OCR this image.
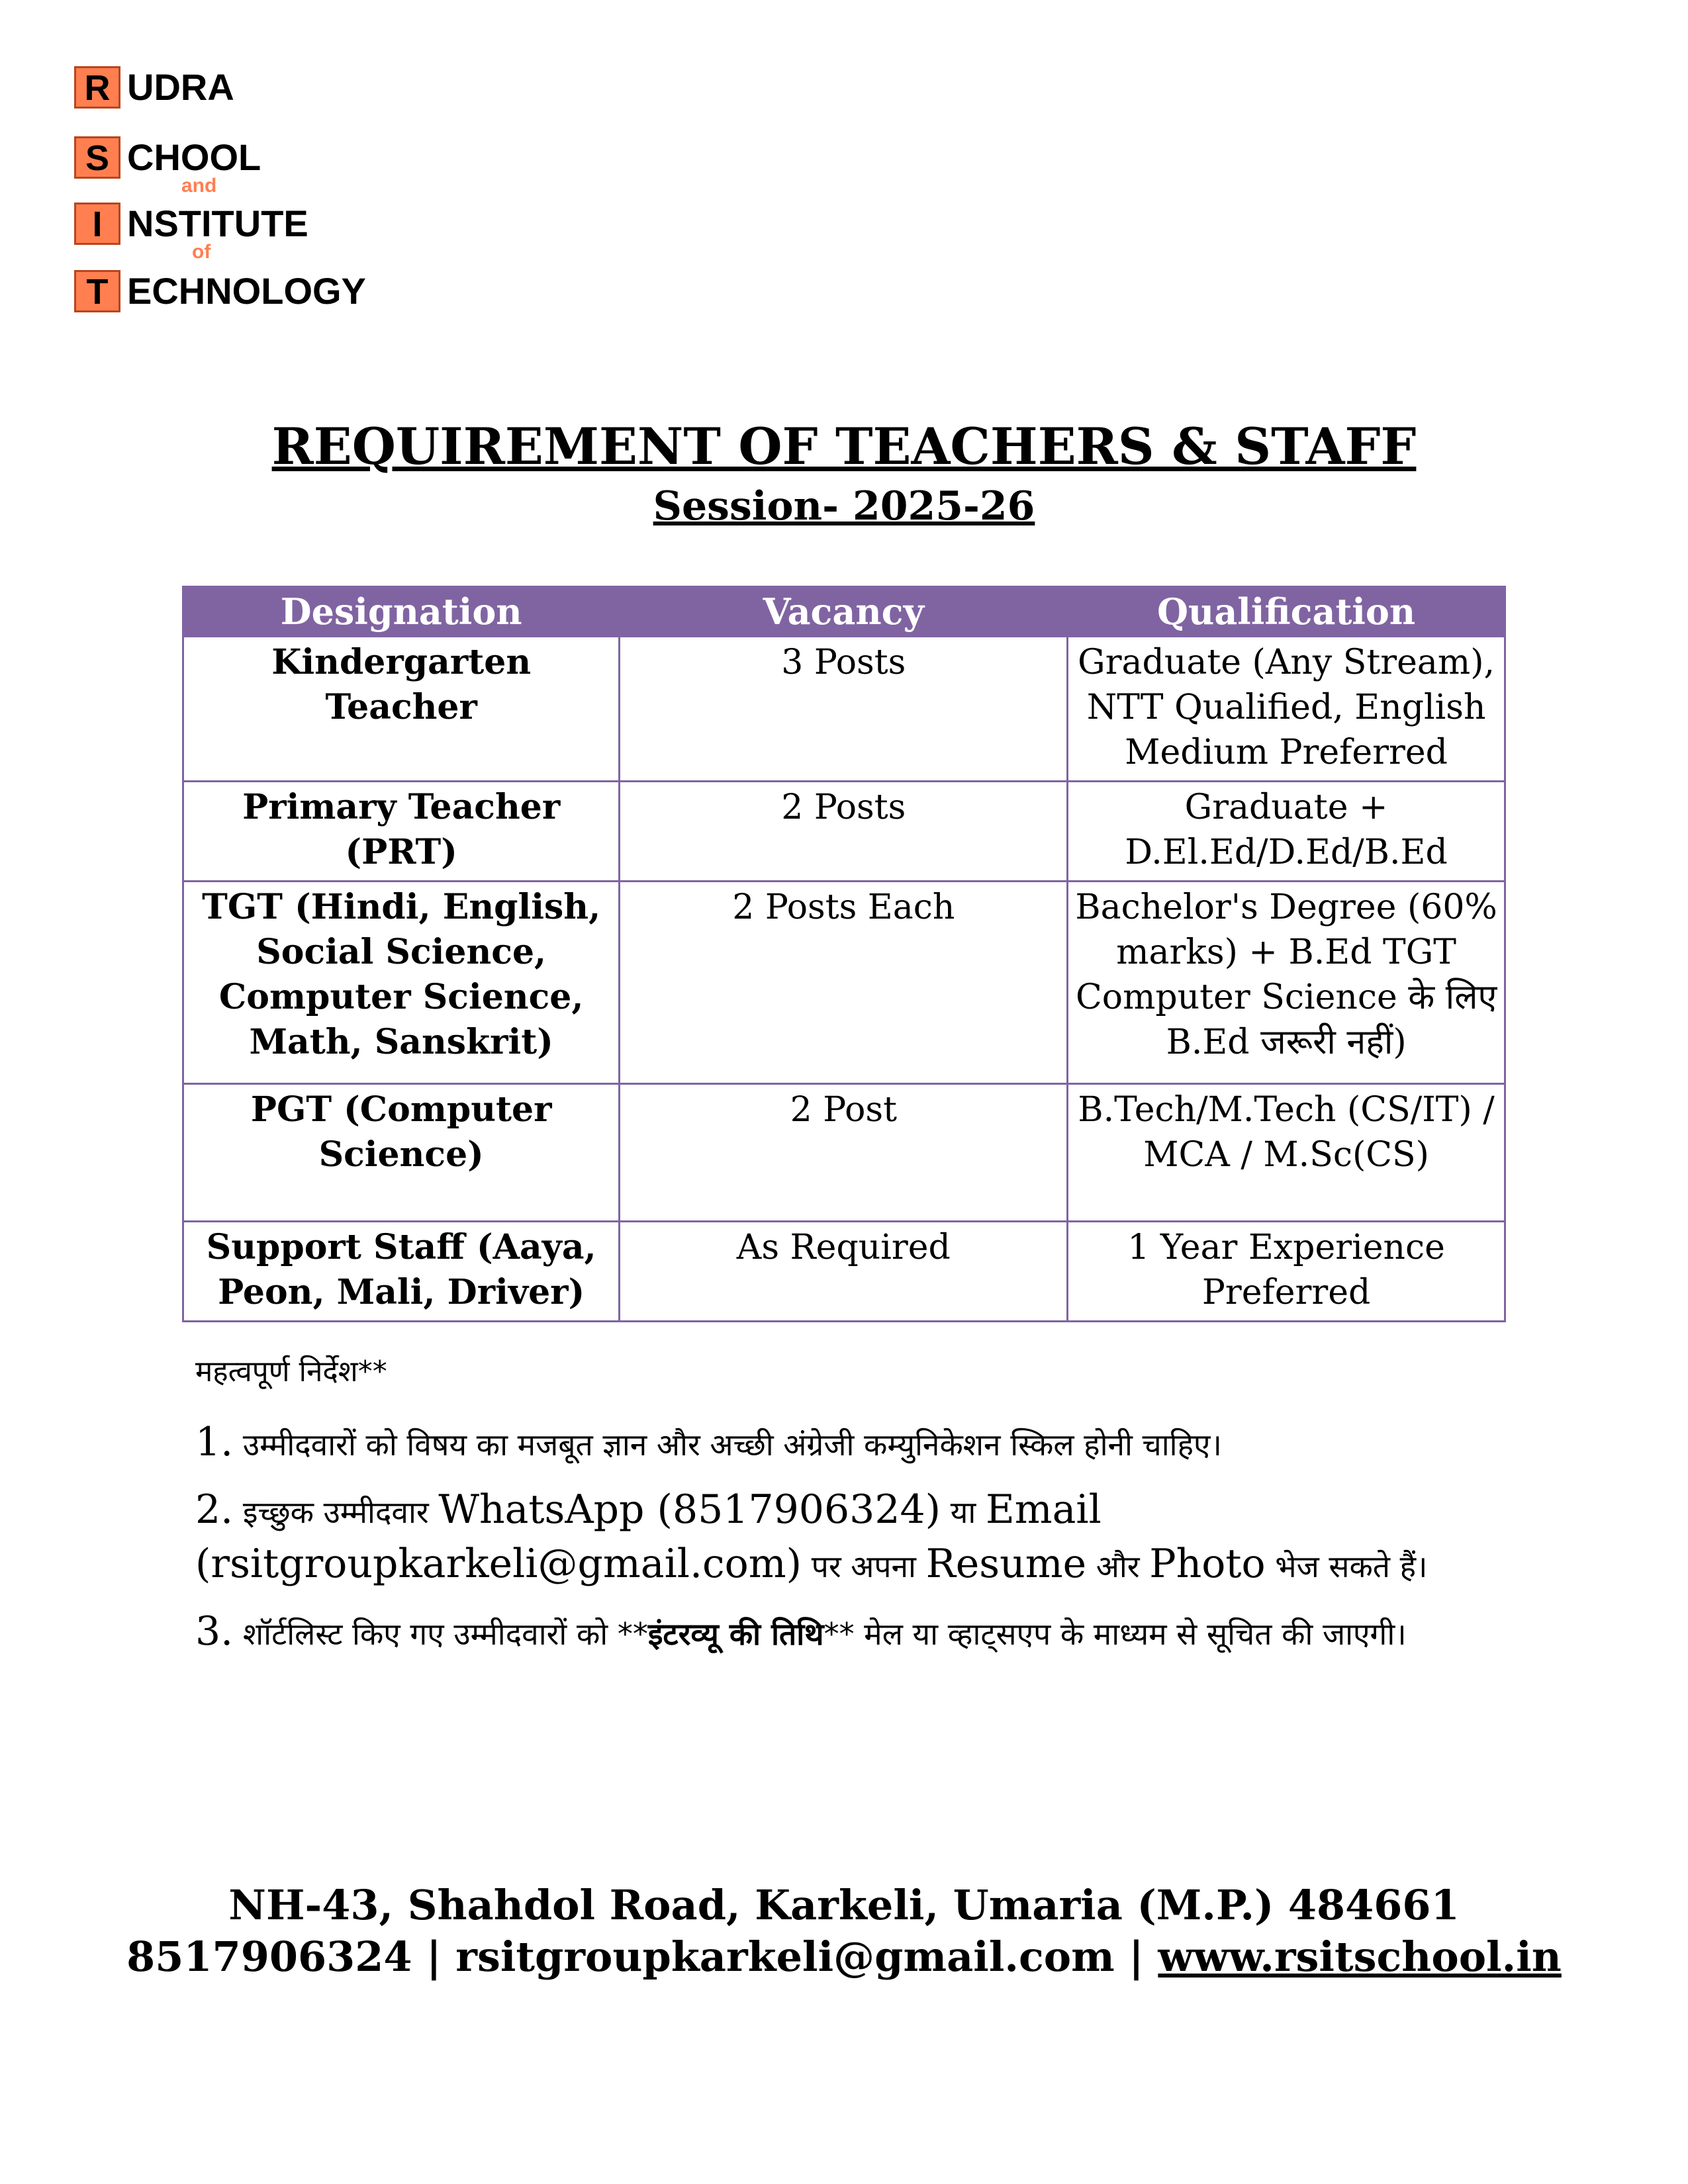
R UDRA
S CHOOL
and
I NSTITUTE
of
T ECHNOLOGY
REQUIREMENT OF TEACHERS & STAFF
Session- 2025-26
Designation	Vacancy	Qualification
Kindergarten Teacher	3 Posts	Graduate (Any Stream), NTT Qualified, English Medium Preferred
Primary Teacher (PRT)	2 Posts	Graduate + D.El.Ed/D.Ed/B.Ed
TGT (Hindi, English, Social Science, Computer Science, Math, Sanskrit)	2 Posts Each	Bachelor's Degree (60% marks) + B.Ed TGT Computer Science के लिए B.Ed जरूरी नहीं)
PGT (Computer Science)	2 Post	B.Tech/M.Tech (CS/IT) / MCA / M.Sc(CS)
Support Staff (Aaya, Peon, Mali, Driver)	As Required	1 Year Experience Preferred
महत्वपूर्ण निर्देश**
1. उम्मीदवारों को विषय का मजबूत ज्ञान और अच्छी अंग्रेजी कम्युनिकेशन स्किल होनी चाहिए।
2. इच्छुक उम्मीदवार WhatsApp (8517906324) या Email (rsitgroupkarkeli@gmail.com) पर अपना Resume और Photo भेज सकते हैं।
3. शॉर्टलिस्ट किए गए उम्मीदवारों को **इंटरव्यू की तिथि** मेल या व्हाट्सएप के माध्यम से सूचित की जाएगी।
NH-43, Shahdol Road, Karkeli, Umaria (M.P.) 484661
8517906324 | rsitgroupkarkeli@gmail.com | www.rsitschool.in
